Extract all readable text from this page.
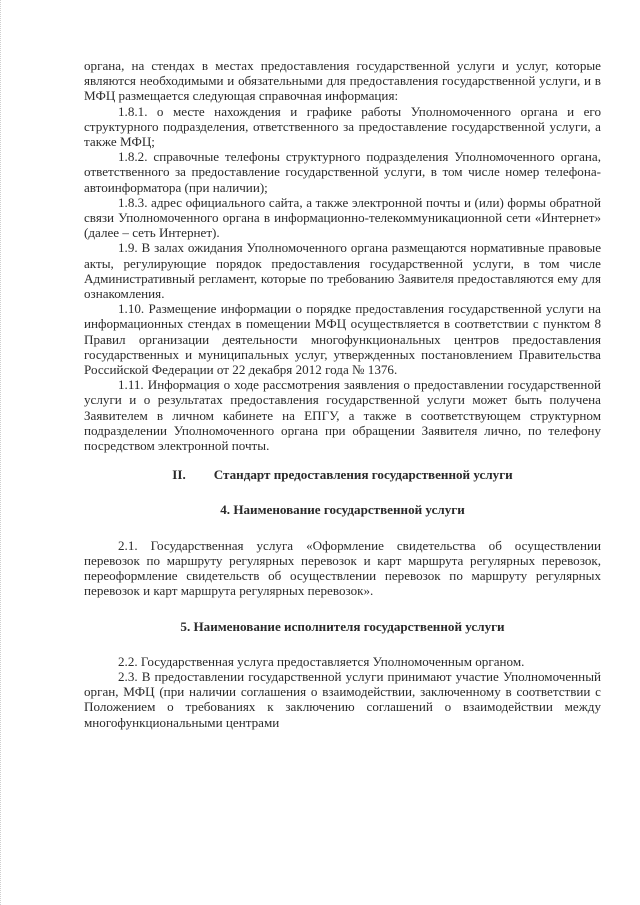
органа, на стендах в местах предоставления государственной услуги и услуг, которые являются необходимыми и обязательными для предоставления государственной услуги, и в МФЦ размещается следующая справочная информация:

1.8.1. о месте нахождения и графике работы Уполномоченного органа и его структурного подразделения, ответственного за предоставление государственной услуги, а также МФЦ;

1.8.2. справочные телефоны структурного подразделения Уполномоченного органа, ответственного за предоставление государственной услуги, в том числе номер телефона-автоинформатора (при наличии);

1.8.3. адрес официального сайта, а также электронной почты и (или) формы обратной связи Уполномоченного органа в информационно-телекоммуникационной сети «Интернет» (далее – сеть Интернет).

1.9. В залах ожидания Уполномоченного органа размещаются нормативные правовые акты, регулирующие порядок предоставления государственной услуги, в том числе Административный регламент, которые по требованию Заявителя предоставляются ему для ознакомления.

1.10. Размещение информации о порядке предоставления государственной услуги на информационных стендах в помещении МФЦ осуществляется в соответствии с пунктом 8 Правил организации деятельности многофункциональных центров предоставления государственных и муниципальных услуг, утвержденных постановлением Правительства Российской Федерации от 22 декабря 2012 года № 1376.

1.11. Информация о ходе рассмотрения заявления о предоставлении государственной услуги и о результатах предоставления государственной услуги может быть получена Заявителем в личном кабинете на ЕПГУ, а также в соответствующем структурном подразделении Уполномоченного органа при обращении Заявителя лично, по телефону посредством электронной почты.

II. Стандарт предоставления государственной услуги

4. Наименование государственной услуги

2.1. Государственная услуга «Оформление свидетельства об осуществлении перевозок по маршруту регулярных перевозок и карт маршрута регулярных перевозок, переоформление свидетельств об осуществлении перевозок по маршруту регулярных перевозок и карт маршрута регулярных перевозок».

5. Наименование исполнителя государственной услуги

2.2. Государственная услуга предоставляется Уполномоченным органом.

2.3. В предоставлении государственной услуги принимают участие Уполномоченный орган, МФЦ (при наличии соглашения о взаимодействии, заключенному в соответствии с Положением о требованиях к заключению соглашений о взаимодействии между многофункциональными центрами
